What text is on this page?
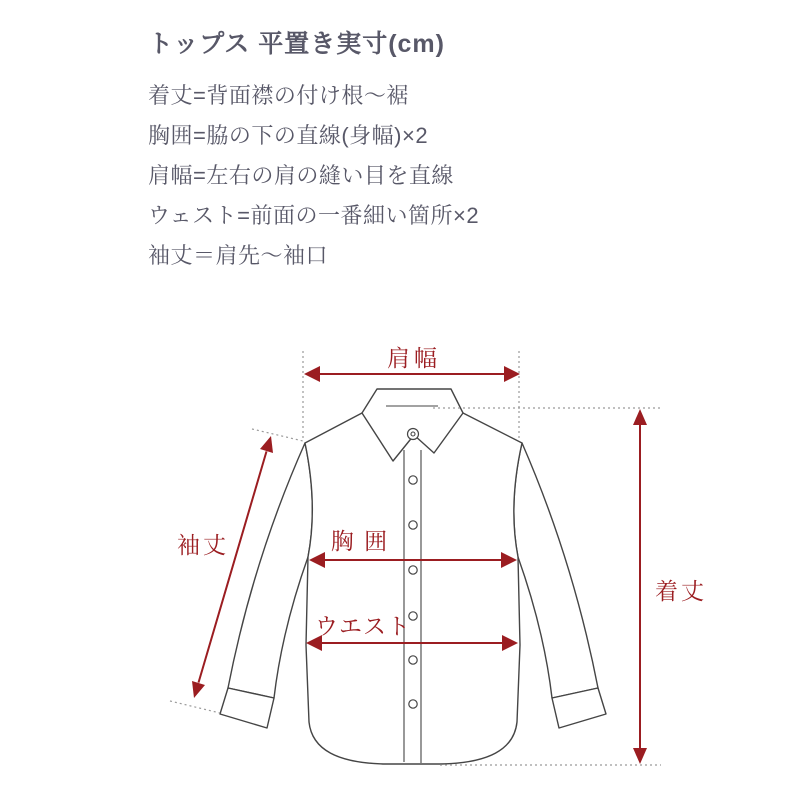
トップス 平置き実寸(cm)
着丈=背面襟の付け根〜裾
胸囲=脇の下の直線(身幅)×2
肩幅=左右の肩の縫い目を直線
ウェスト=前面の一番細い箇所×2
袖丈＝肩先〜袖口
肩幅
袖丈	胸 囲
ウエスト
着丈
